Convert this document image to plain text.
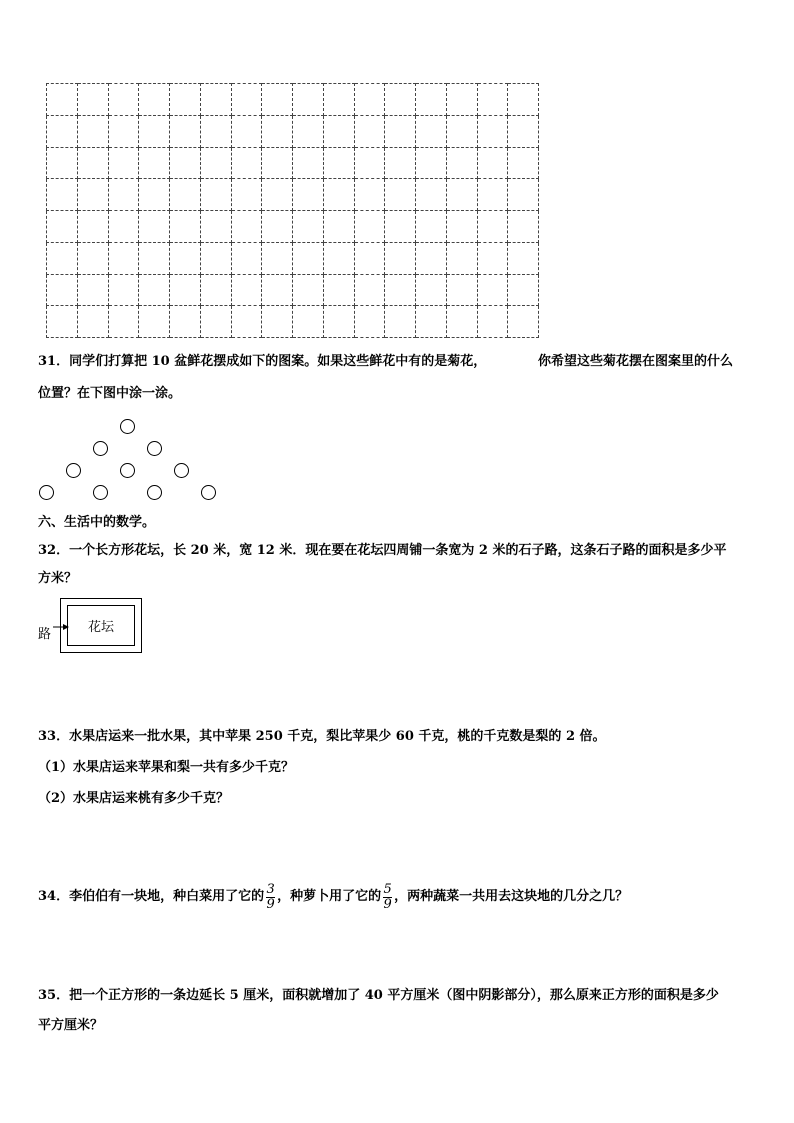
31．同学们打算把 10 盆鲜花摆成如下的图案。如果这些鲜花中有的是菊花，	你希望这些菊花摆在图案里的什么
位置？在下图中涂一涂。
六、生活中的数学。
32．一个长方形花坛，长 20 米，宽 12 米．现在要在花坛四周铺一条宽为 2 米的石子路，这条石子路的面积是多少平
方米？
路	花坛
33．水果店运来一批水果，其中苹果 250 千克，梨比苹果少 60 千克，桃的千克数是梨的 2 倍。
（1）水果店运来苹果和梨一共有多少千克？
（2）水果店运来桃有多少千克？
34．李伯伯有一块地，种白菜用了它的 $\frac{3}{9}$ ，种萝卜用了它的 $\frac{5}{9}$ ，两种蔬菜一共用去这块地的几分之几？
35．把一个正方形的一条边延长 5 厘米，面积就增加了 40 平方厘米（图中阴影部分），那么原来正方形的面积是多少
平方厘米？
